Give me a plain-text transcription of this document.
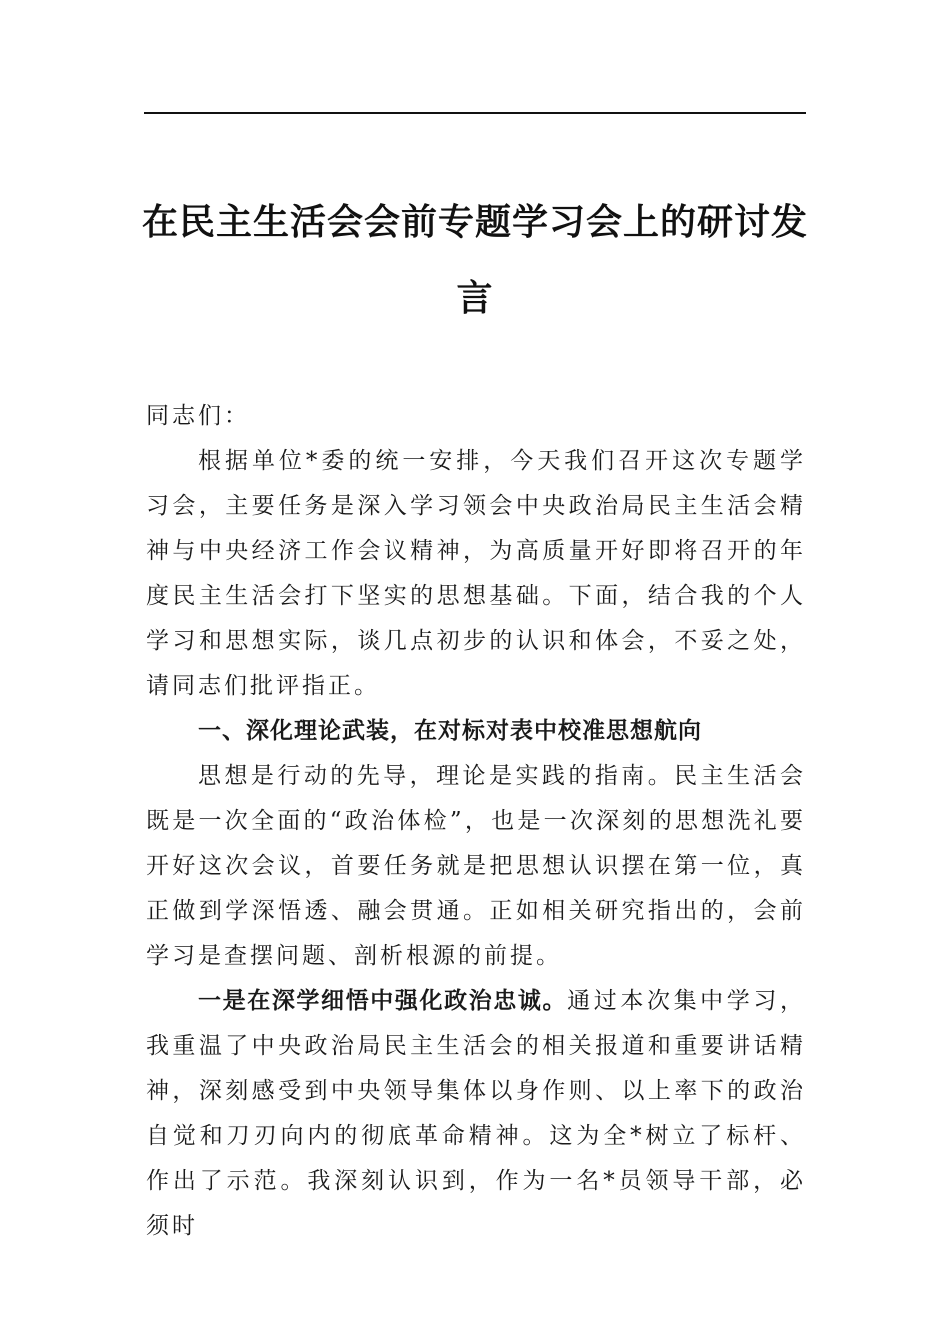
在民主生活会会前专题学习会上的研讨发言

同志们：

根据单位*委的统一安排，今天我们召开这次专题学习会，主要任务是深入学习领会中央政治局民主生活会精神与中央经济工作会议精神，为高质量开好即将召开的年度民主生活会打下坚实的思想基础。下面，结合我的个人学习和思想实际，谈几点初步的认识和体会，不妥之处，请同志们批评指正。

一、深化理论武装，在对标对表中校准思想航向

思想是行动的先导，理论是实践的指南。民主生活会既是一次全面的“政治体检”，也是一次深刻的思想洗礼要开好这次会议，首要任务就是把思想认识摆在第一位，真正做到学深悟透、融会贯通。正如相关研究指出的，会前学习是查摆问题、剖析根源的前提。

一是在深学细悟中强化政治忠诚。通过本次集中学习，我重温了中央政治局民主生活会的相关报道和重要讲话精神，深刻感受到中央领导集体以身作则、以上率下的政治自觉和刀刃向内的彻底革命精神。这为全*树立了标杆、作出了示范。我深刻认识到，作为一名*员领导干部，必须时
